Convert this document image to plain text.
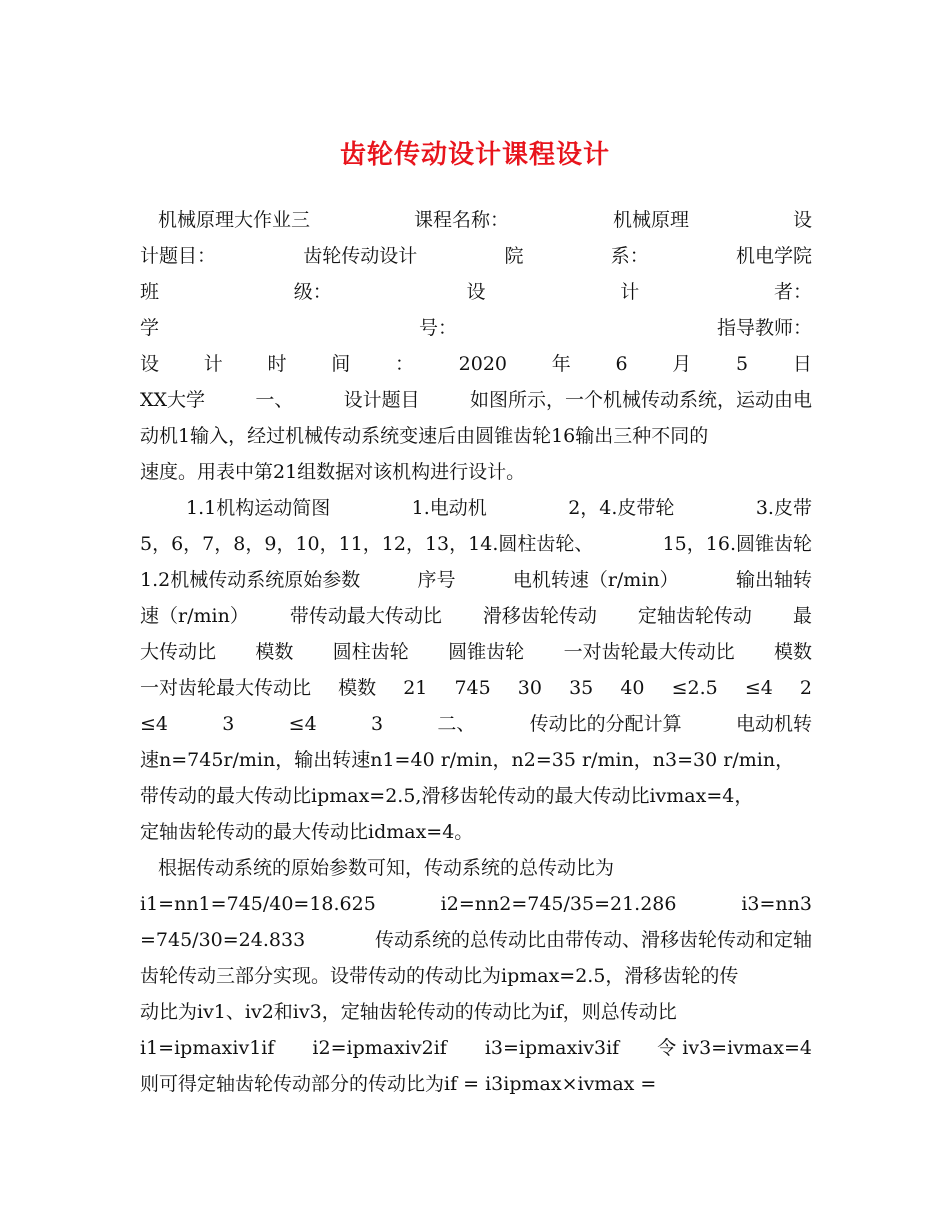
齿轮传动设计课程设计
机械原理大作业三	课程名称：	机械原理	设
计题目：	齿轮传动设计	院	系：	机电学院
班	级：	设	计	者：
学	号：	指导教师：
设 计 时 间 ： 2020 年 6 月 5 日
XX大学	一、	设计题目	如图所示，一个机械传动系统，运动由电
动机1输入，经过机械传动系统变速后由圆锥齿轮16输出三种不同的
速度。用表中第21组数据对该机构进行设计。
1.1机构运动简图	1.电动机	2，4.皮带轮	3.皮带
5，6，7，8，9，10，11，12，13，14.圆柱齿轮、	15，16.圆锥齿轮
1.2机械传动系统原始参数	序号	电机转速（r/min）	输出轴转
速（r/min） 带传动最大传动比 滑移齿轮传动 定轴齿轮传动 最
大传动比 模数 圆柱齿轮 圆锥齿轮 一对齿轮最大传动比 模数
一对齿轮最大传动比 模数 21 745 30 35 40 ≤2.5 ≤4 2
≤4	3	≤4	3	二、	传动比的分配计算	电动机转
速n=745r/min，输出转速n1=40 r/min，n2=35 r/min，n3=30 r/min，
带传动的最大传动比ipmax=2.5,滑移齿轮传动的最大传动比ivmax=4，
定轴齿轮传动的最大传动比idmax=4。
根据传动系统的原始参数可知，传动系统的总传动比为
i1=nn1=745/40=18.625	i2=nn2=745/35=21.286	i3=nn3
=745/30=24.833	传动系统的总传动比由带传动、滑移齿轮传动和定轴
齿轮传动三部分实现。设带传动的传动比为ipmax=2.5，滑移齿轮的传
动比为iv1、iv2和iv3，定轴齿轮传动的传动比为if，则总传动比
i1=ipmaxiv1if i2=ipmaxiv2if i3=ipmaxiv3if 令 iv3=ivmax=4
则可得定轴齿轮传动部分的传动比为if = i3ipmax×ivmax =
